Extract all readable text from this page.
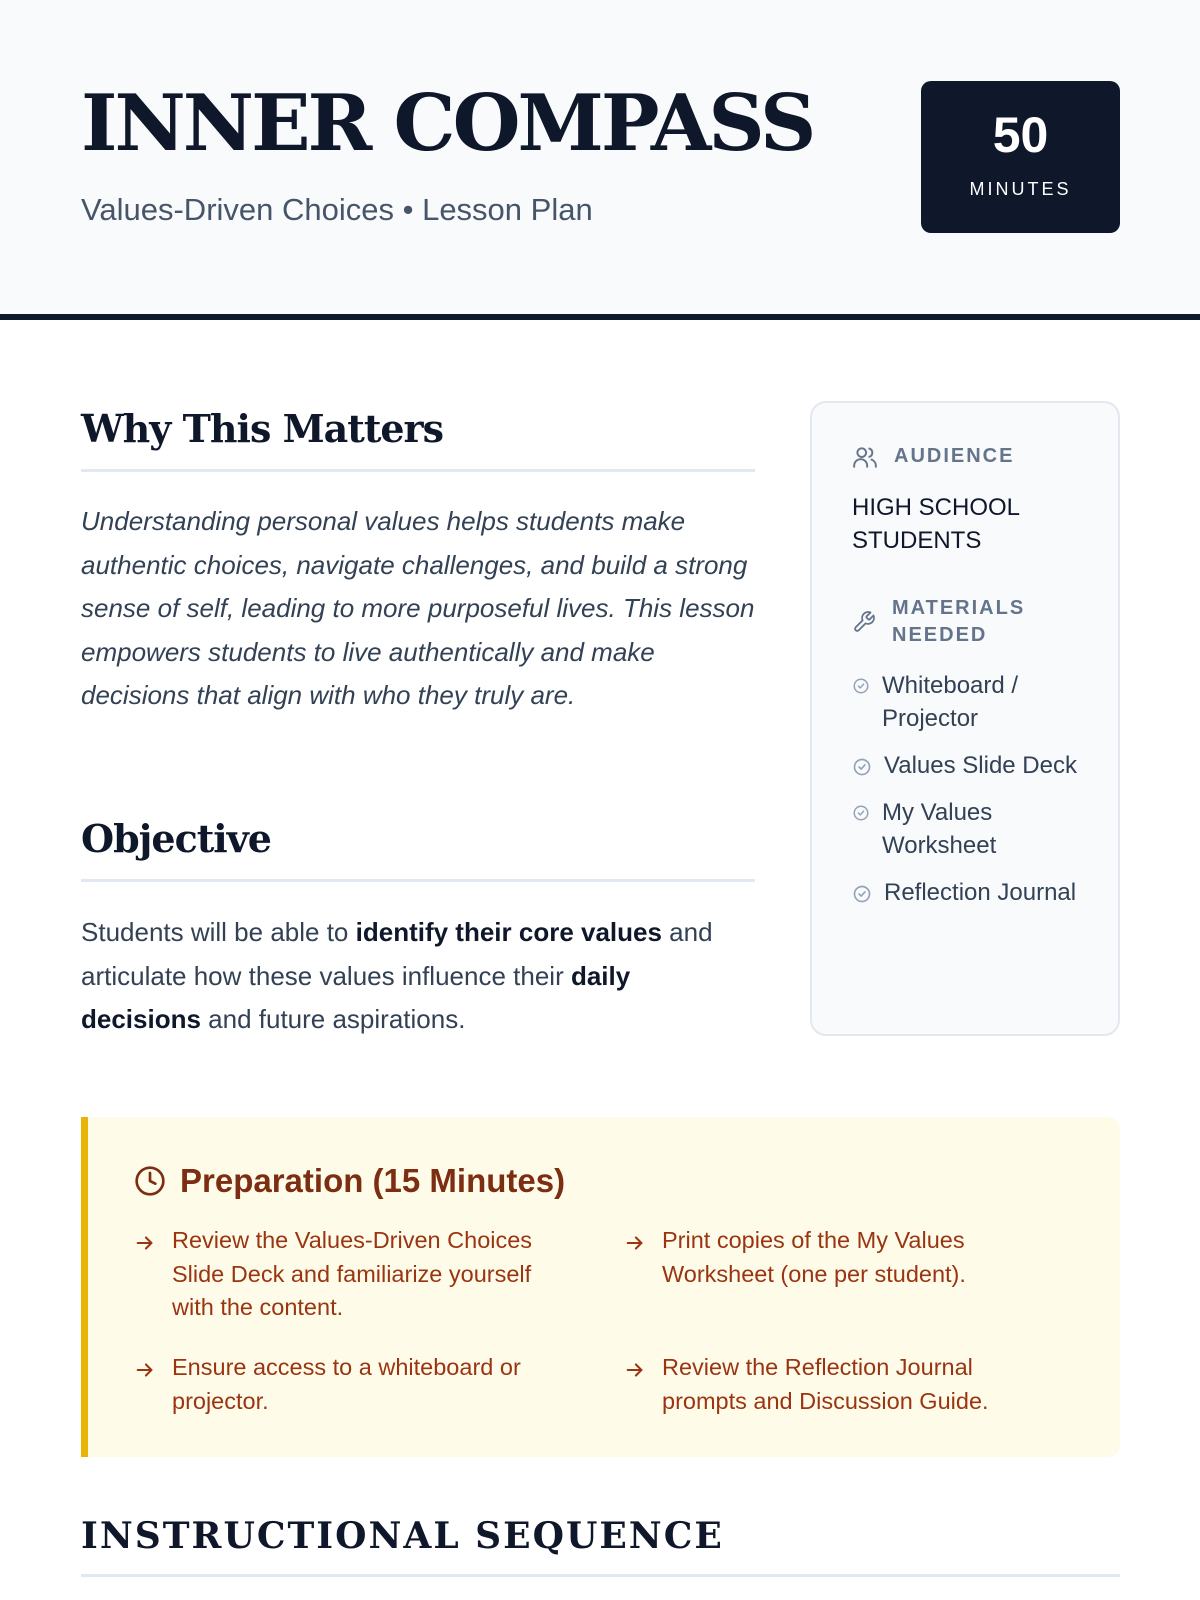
INNER COMPASS

Values-Driven Choices • Lesson Plan

50
MINUTES
Why This Matters

Understanding personal values helps students make authentic choices, navigate challenges, and build a strong sense of self, leading to more purposeful lives. This lesson empowers students to live authentically and make decisions that align with who they truly are.

Objective

Students will be able to identify their core values and articulate how these values influence their daily decisions and future aspirations.

AUDIENCE
HIGH SCHOOL STUDENTS
MATERIALS NEEDED
Whiteboard / Projector
Values Slide Deck
My Values Worksheet
Reflection Journal
Preparation (15 Minutes)
Review the Values-Driven Choices Slide Deck and familiarize yourself with the content.
Print copies of the My Values Worksheet (one per student).
Ensure access to a whiteboard or projector.
Review the Reflection Journal prompts and Discussion Guide.
INSTRUCTIONAL SEQUENCE
